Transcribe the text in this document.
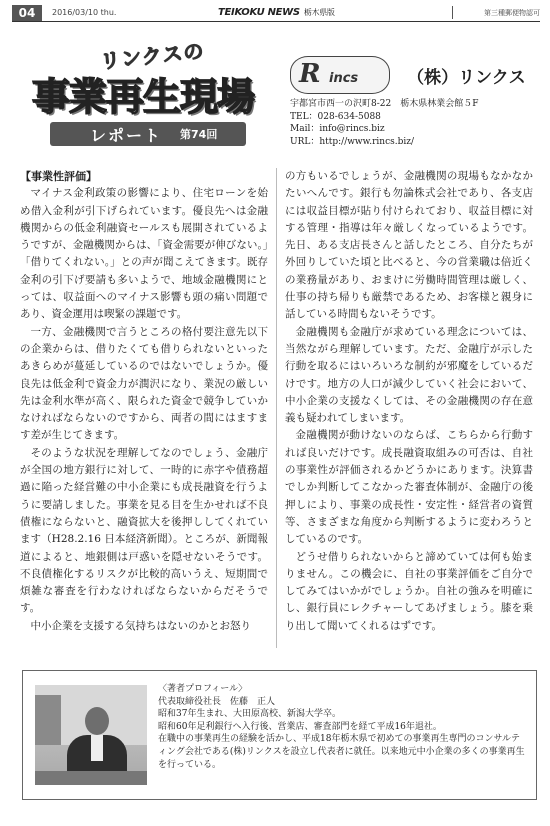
04	2016/03/10 thu.	TEIKOKU NEWS 栃木県版	第三種郵便物認可
リンクスの
事業再生現場
レポート 第74回
R incs	（株）リンクス
宇都宮市西一の沢町8-22　栃木県林業会館５F
TEL：028-634-5088
Mail：info@rincs.biz
URL：http://www.rincs.biz/

【事業性評価】

マイナス金利政策の影響により、住宅ローンを始め借入金利が引下げられています。優良先へは金融機関からの低金利融資セールスも展開されているようですが、金融機関からは、「資金需要が伸びない。」「借りてくれない。」との声が聞こえてきます。既存金利の引下げ要請も多いようで、地域金融機関にとっては、収益面へのマイナス影響も頭の痛い問題であり、資金運用は喫緊の課題です。

一方、金融機関で言うところの格付要注意先以下の企業からは、借りたくても借りられないといったあきらめが蔓延しているのではないでしょうか。優良先は低金利で資金力が潤沢になり、業況の厳しい先は金利水準が高く、限られた資金で競争していかなければならないのですから、両者の間にはますます差が生じてきます。

そのような状況を理解してなのでしょう、金融庁が全国の地方銀行に対して、一時的に赤字や債務超過に陥った経営難の中小企業にも成長融資を行うように要請しました。事業を見る目を生かせれば不良債権にならないと、融資拡大を後押ししてくれています（H28.2.16 日本経済新聞）。ところが、新聞報道によると、地銀側は戸惑いを隠せないそうです。不良債権化するリスクが比較的高いうえ、短期間で煩雑な審査を行わなければならないからだそうです。

中小企業を支援する気持ちはないのかとお怒り

の方もいるでしょうが、金融機関の現場もなかなかたいへんです。銀行も勿論株式会社であり、各支店には収益目標が貼り付けられており、収益目標に対する管理・指導は年々厳しくなっているようです。先日、ある支店長さんと話したところ、自分たちが外回りしていた頃と比べると、今の営業職は倍近くの業務量があり、おまけに労働時間管理は厳しく、仕事の持ち帰りも厳禁であるため、お客様と親身に話している時間もないそうです。

金融機関も金融庁が求めている理念については、当然ながら理解しています。ただ、金融庁が示した行動を取るにはいろいろな制約が邪魔をしているだけです。地方の人口が減少していく社会において、中小企業の支援なくしては、その金融機関の存在意義も疑われてしまいます。

金融機関が動けないのならば、こちらから行動すれば良いだけです。成長融資取組みの可否は、自社の事業性が評価されるかどうかにあります。決算書でしか判断してこなかった審査体制が、金融庁の後押しにより、事業の成長性・安定性・経営者の資質等、さまざまな角度から判断するように変わろうとしているのです。

どうせ借りられないからと諦めていては何も始まりません。この機会に、自社の事業評価をご自分でしてみてはいかがでしょうか。自社の強みを明確にし、銀行員にレクチャーしてあげましょう。膝を乗り出して聞いてくれるはずです。

〈著者プロフィール〉
代表取締役社長　佐藤　正人
昭和37年生まれ、大田原高校、新潟大学卒。
昭和60年足利銀行へ入行後、営業店、審査部門を経て平成16年退社。
在職中の事業再生の経験を活かし、平成18年栃木県で初めての事業再生専門のコンサルティング会社である(株)リンクスを設立し代表者に就任。以来地元中小企業の多くの事業再生を行っている。
